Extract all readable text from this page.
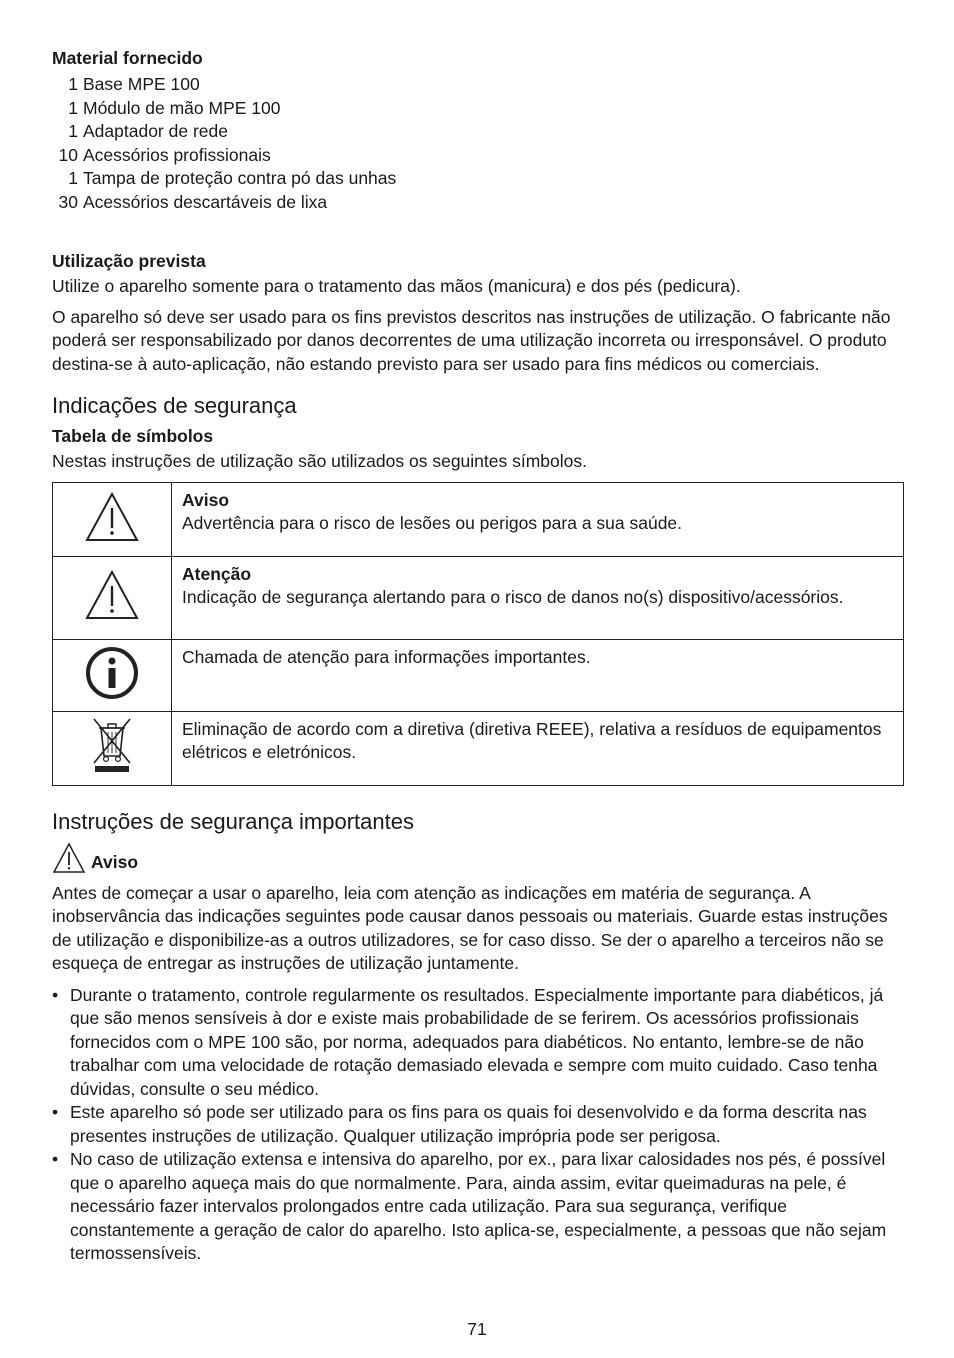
Material fornecido

1 Base MPE 100
1 Módulo de mão MPE 100
1 Adaptador de rede
10 Acessórios profissionais
1 Tampa de proteção contra pó das unhas
30 Acessórios descartáveis de lixa

Utilização prevista

Utilize o aparelho somente para o tratamento das mãos (manicura) e dos pés (pedicura).

O aparelho só deve ser usado para os fins previstos descritos nas instruções de utilização. O fabricante não poderá ser responsabilizado por danos decorrentes de uma utilização incorreta ou irresponsável. O produto destina-se à auto-aplicação, não estando previsto para ser usado para fins médicos ou comerciais.

Indicações de segurança

Tabela de símbolos

Nestas instruções de utilização são utilizados os seguintes símbolos.

Aviso
Advertência para o risco de lesões ou perigos para a sua saúde.

Atenção
Indicação de segurança alertando para o risco de danos no(s) dispositivo/acessórios.

Chamada de atenção para informações importantes.

Eliminação de acordo com a diretiva (diretiva REEE), relativa a resíduos de equipamentos elétricos e eletrónicos.

Instruções de segurança importantes

Aviso

Antes de começar a usar o aparelho, leia com atenção as indicações em matéria de segurança. A inobservância das indicações seguintes pode causar danos pessoais ou materiais. Guarde estas instruções de utilização e disponibilize-as a outros utilizadores, se for caso disso. Se der o aparelho a terceiros não se esqueça de entregar as instruções de utilização juntamente.

• Durante o tratamento, controle regularmente os resultados. Especialmente importante para diabéticos, já que são menos sensíveis à dor e existe mais probabilidade de se ferirem. Os acessórios profissionais fornecidos com o MPE 100 são, por norma, adequados para diabéticos. No entanto, lembre-se de não trabalhar com uma velocidade de rotação demasiado elevada e sempre com muito cuidado. Caso tenha dúvidas, consulte o seu médico.
• Este aparelho só pode ser utilizado para os fins para os quais foi desenvolvido e da forma descrita nas presentes instruções de utilização. Qualquer utilização imprópria pode ser perigosa.
• No caso de utilização extensa e intensiva do aparelho, por ex., para lixar calosidades nos pés, é possível que o aparelho aqueça mais do que normalmente. Para, ainda assim, evitar queimaduras na pele, é necessário fazer intervalos prolongados entre cada utilização. Para sua segurança, verifique constantemente a geração de calor do aparelho. Isto aplica-se, especialmente, a pessoas que não sejam termossensíveis.
71
